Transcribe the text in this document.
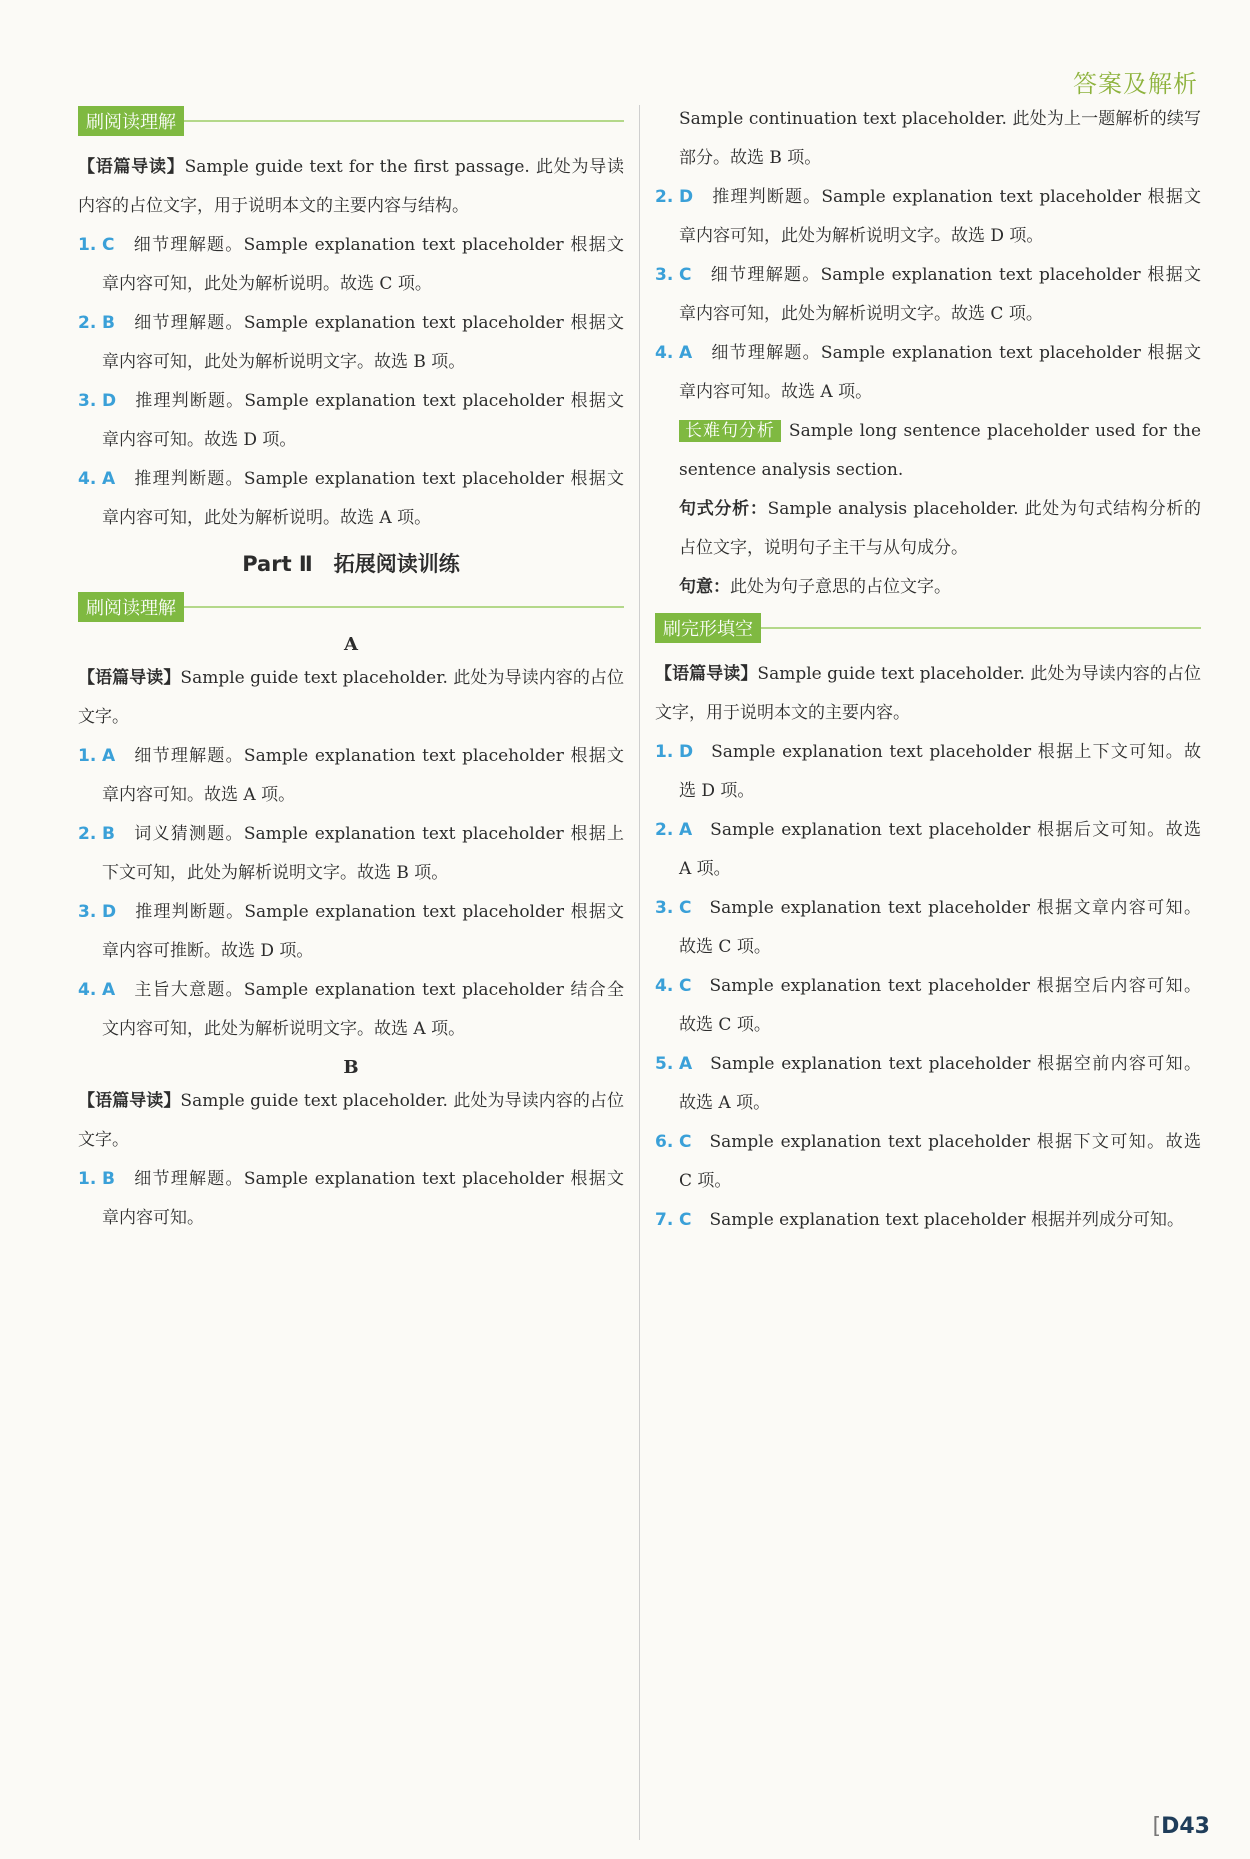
答案及解析
刷阅读理解

【语篇导读】Sample guide text for the first passage. 此处为导读内容的占位文字，用于说明本文的主要内容与结构。

1. C 细节理解题。Sample explanation text placeholder 根据文章内容可知，此处为解析说明。故选 C 项。
2. B 细节理解题。Sample explanation text placeholder 根据文章内容可知，此处为解析说明文字。故选 B 项。
3. D 推理判断题。Sample explanation text placeholder 根据文章内容可知。故选 D 项。
4. A 推理判断题。Sample explanation text placeholder 根据文章内容可知，此处为解析说明。故选 A 项。
Part Ⅱ　拓展阅读训练
刷阅读理解
A

【语篇导读】Sample guide text placeholder. 此处为导读内容的占位文字。

1. A 细节理解题。Sample explanation text placeholder 根据文章内容可知。故选 A 项。
2. B 词义猜测题。Sample explanation text placeholder 根据上下文可知，此处为解析说明文字。故选 B 项。
3. D 推理判断题。Sample explanation text placeholder 根据文章内容可推断。故选 D 项。
4. A 主旨大意题。Sample explanation text placeholder 结合全文内容可知，此处为解析说明文字。故选 A 项。
B

【语篇导读】Sample guide text placeholder. 此处为导读内容的占位文字。

1. B 细节理解题。Sample explanation text placeholder 根据文章内容可知。

Sample continuation text placeholder. 此处为上一题解析的续写部分。故选 B 项。

2. D 推理判断题。Sample explanation text placeholder 根据文章内容可知，此处为解析说明文字。故选 D 项。
3. C 细节理解题。Sample explanation text placeholder 根据文章内容可知，此处为解析说明文字。故选 C 项。
4. A 细节理解题。Sample explanation text placeholder 根据文章内容可知。故选 A 项。

长难句分析 Sample long sentence placeholder used for the sentence analysis section.

句式分析：Sample analysis placeholder. 此处为句式结构分析的占位文字，说明句子主干与从句成分。

句意：此处为句子意思的占位文字。

刷完形填空

【语篇导读】Sample guide text placeholder. 此处为导读内容的占位文字，用于说明本文的主要内容。

1. D Sample explanation text placeholder 根据上下文可知。故选 D 项。
2. A Sample explanation text placeholder 根据后文可知。故选 A 项。
3. C Sample explanation text placeholder 根据文章内容可知。故选 C 项。
4. C Sample explanation text placeholder 根据空后内容可知。故选 C 项。
5. A Sample explanation text placeholder 根据空前内容可知。故选 A 项。
6. C Sample explanation text placeholder 根据下文可知。故选 C 项。
7. C Sample explanation text placeholder 根据并列成分可知。
[D43
